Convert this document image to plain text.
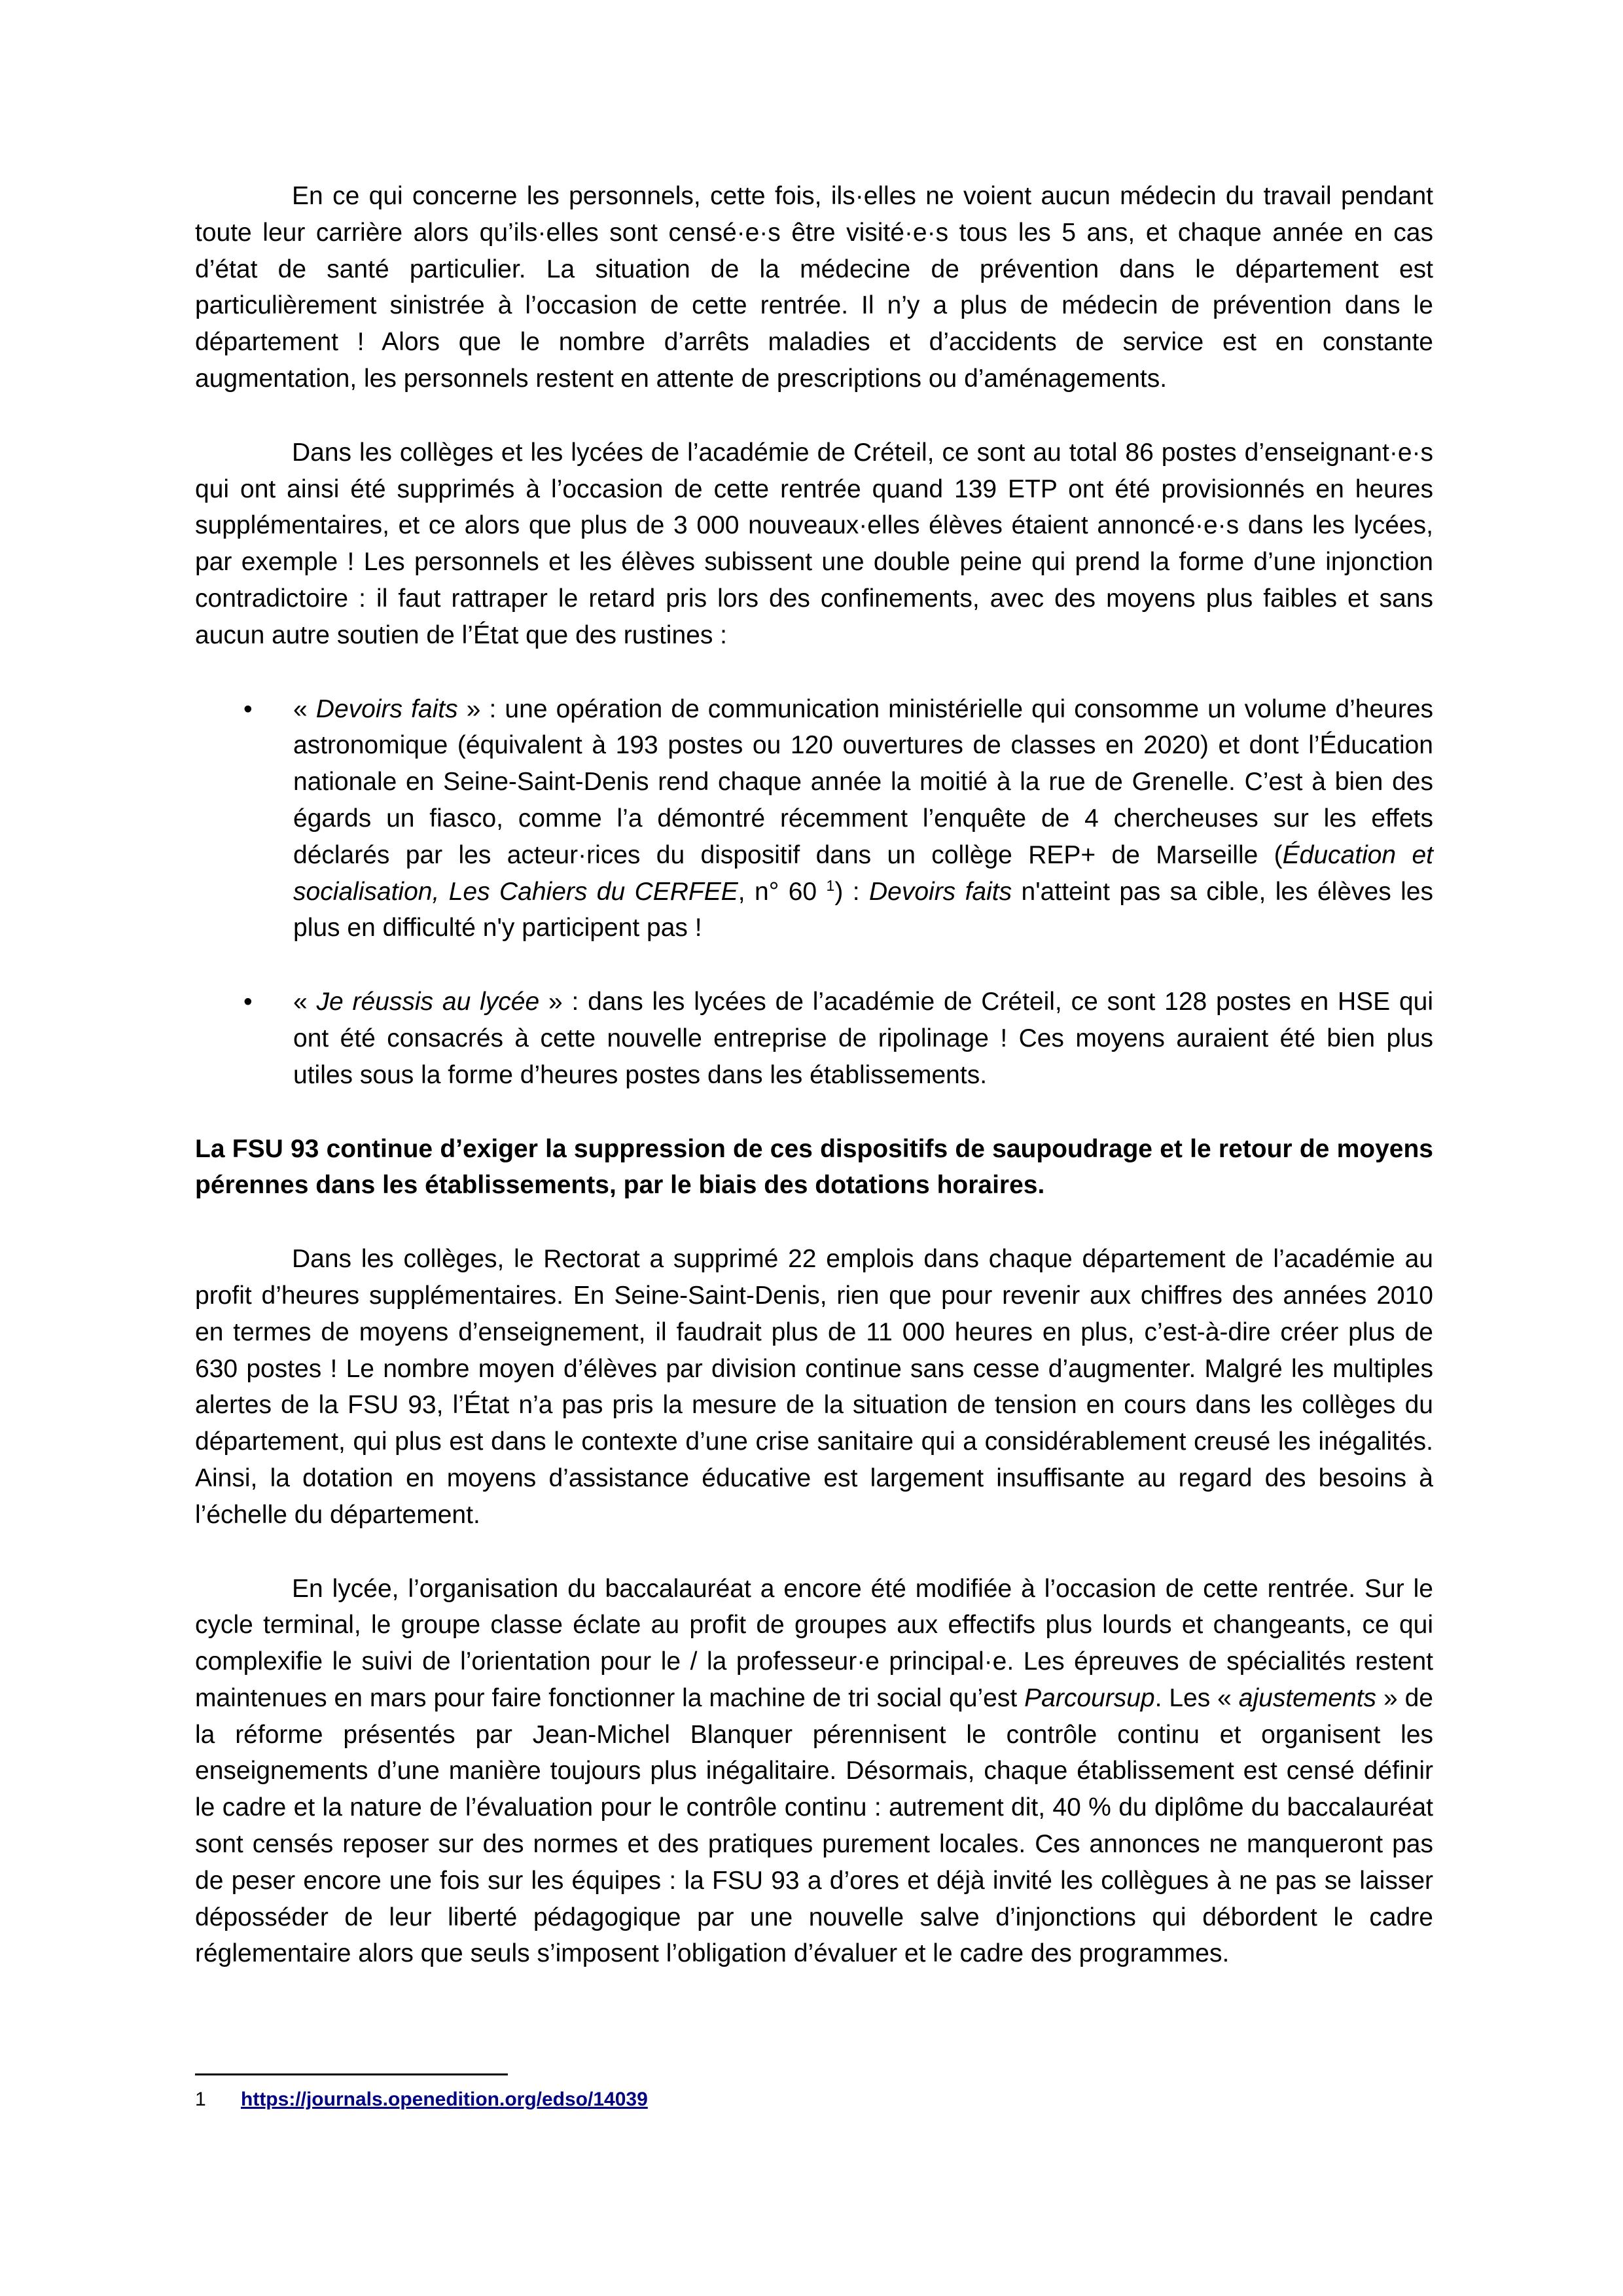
En ce qui concerne les personnels, cette fois, ils·elles ne voient aucun médecin du travail pendant toute leur carrière alors qu’ils·elles sont censé·e·s être visité·e·s tous les 5 ans, et chaque année en cas d’état de santé particulier. La situation de la médecine de prévention dans le département est particulièrement sinistrée à l’occasion de cette rentrée. Il n’y a plus de médecin de prévention dans le département ! Alors que le nombre d’arrêts maladies et d’accidents de service est en constante augmentation, les personnels restent en attente de prescriptions ou d’aménagements.

Dans les collèges et les lycées de l’académie de Créteil, ce sont au total 86 postes d’enseignant·e·s qui ont ainsi été supprimés à l’occasion de cette rentrée quand 139 ETP ont été provisionnés en heures supplémentaires, et ce alors que plus de 3 000 nouveaux·elles élèves étaient annoncé·e·s dans les lycées, par exemple ! Les personnels et les élèves subissent une double peine qui prend la forme d’une injonction contradictoire : il faut rattraper le retard pris lors des confinements, avec des moyens plus faibles et sans aucun autre soutien de l’État que des rustines :

• « Devoirs faits » : une opération de communication ministérielle qui consomme un volume d’heures astronomique (équivalent à 193 postes ou 120 ouvertures de classes en 2020) et dont l’Éducation nationale en Seine-Saint-Denis rend chaque année la moitié à la rue de Grenelle. C’est à bien des égards un fiasco, comme l’a démontré récemment l’enquête de 4 chercheuses sur les effets déclarés par les acteur·rices du dispositif dans un collège REP+ de Marseille (Éducation et socialisation, Les Cahiers du CERFEE, n° 60 $^1$) : Devoirs faits n'atteint pas sa cible, les élèves les plus en difficulté n'y participent pas !
• « Je réussis au lycée » : dans les lycées de l’académie de Créteil, ce sont 128 postes en HSE qui ont été consacrés à cette nouvelle entreprise de ripolinage ! Ces moyens auraient été bien plus utiles sous la forme d’heures postes dans les établissements.

La FSU 93 continue d’exiger la suppression de ces dispositifs de saupoudrage et le retour de moyens pérennes dans les établissements, par le biais des dotations horaires.

Dans les collèges, le Rectorat a supprimé 22 emplois dans chaque département de l’académie au profit d’heures supplémentaires. En Seine-Saint-Denis, rien que pour revenir aux chiffres des années 2010 en termes de moyens d’enseignement, il faudrait plus de 11 000 heures en plus, c’est-à-dire créer plus de 630 postes ! Le nombre moyen d’élèves par division continue sans cesse d’augmenter. Malgré les multiples alertes de la FSU 93, l’État n’a pas pris la mesure de la situation de tension en cours dans les collèges du département, qui plus est dans le contexte d’une crise sanitaire qui a considérablement creusé les inégalités. Ainsi, la dotation en moyens d’assistance éducative est largement insuffisante au regard des besoins à l’échelle du département.

En lycée, l’organisation du baccalauréat a encore été modifiée à l’occasion de cette rentrée. Sur le cycle terminal, le groupe classe éclate au profit de groupes aux effectifs plus lourds et changeants, ce qui complexifie le suivi de l’orientation pour le / la professeur·e principal·e. Les épreuves de spécialités restent maintenues en mars pour faire fonctionner la machine de tri social qu’est Parcoursup. Les « ajustements » de la réforme présentés par Jean-Michel Blanquer pérennisent le contrôle continu et organisent les enseignements d’une manière toujours plus inégalitaire. Désormais, chaque établissement est censé définir le cadre et la nature de l’évaluation pour le contrôle continu : autrement dit, 40 % du diplôme du baccalauréat sont censés reposer sur des normes et des pratiques purement locales. Ces annonces ne manqueront pas de peser encore une fois sur les équipes : la FSU 93 a d’ores et déjà invité les collègues à ne pas se laisser déposséder de leur liberté pédagogique par une nouvelle salve d’injonctions qui débordent le cadre réglementaire alors que seuls s’imposent l’obligation d’évaluer et le cadre des programmes.

1 https://journals.openedition.org/edso/14039
